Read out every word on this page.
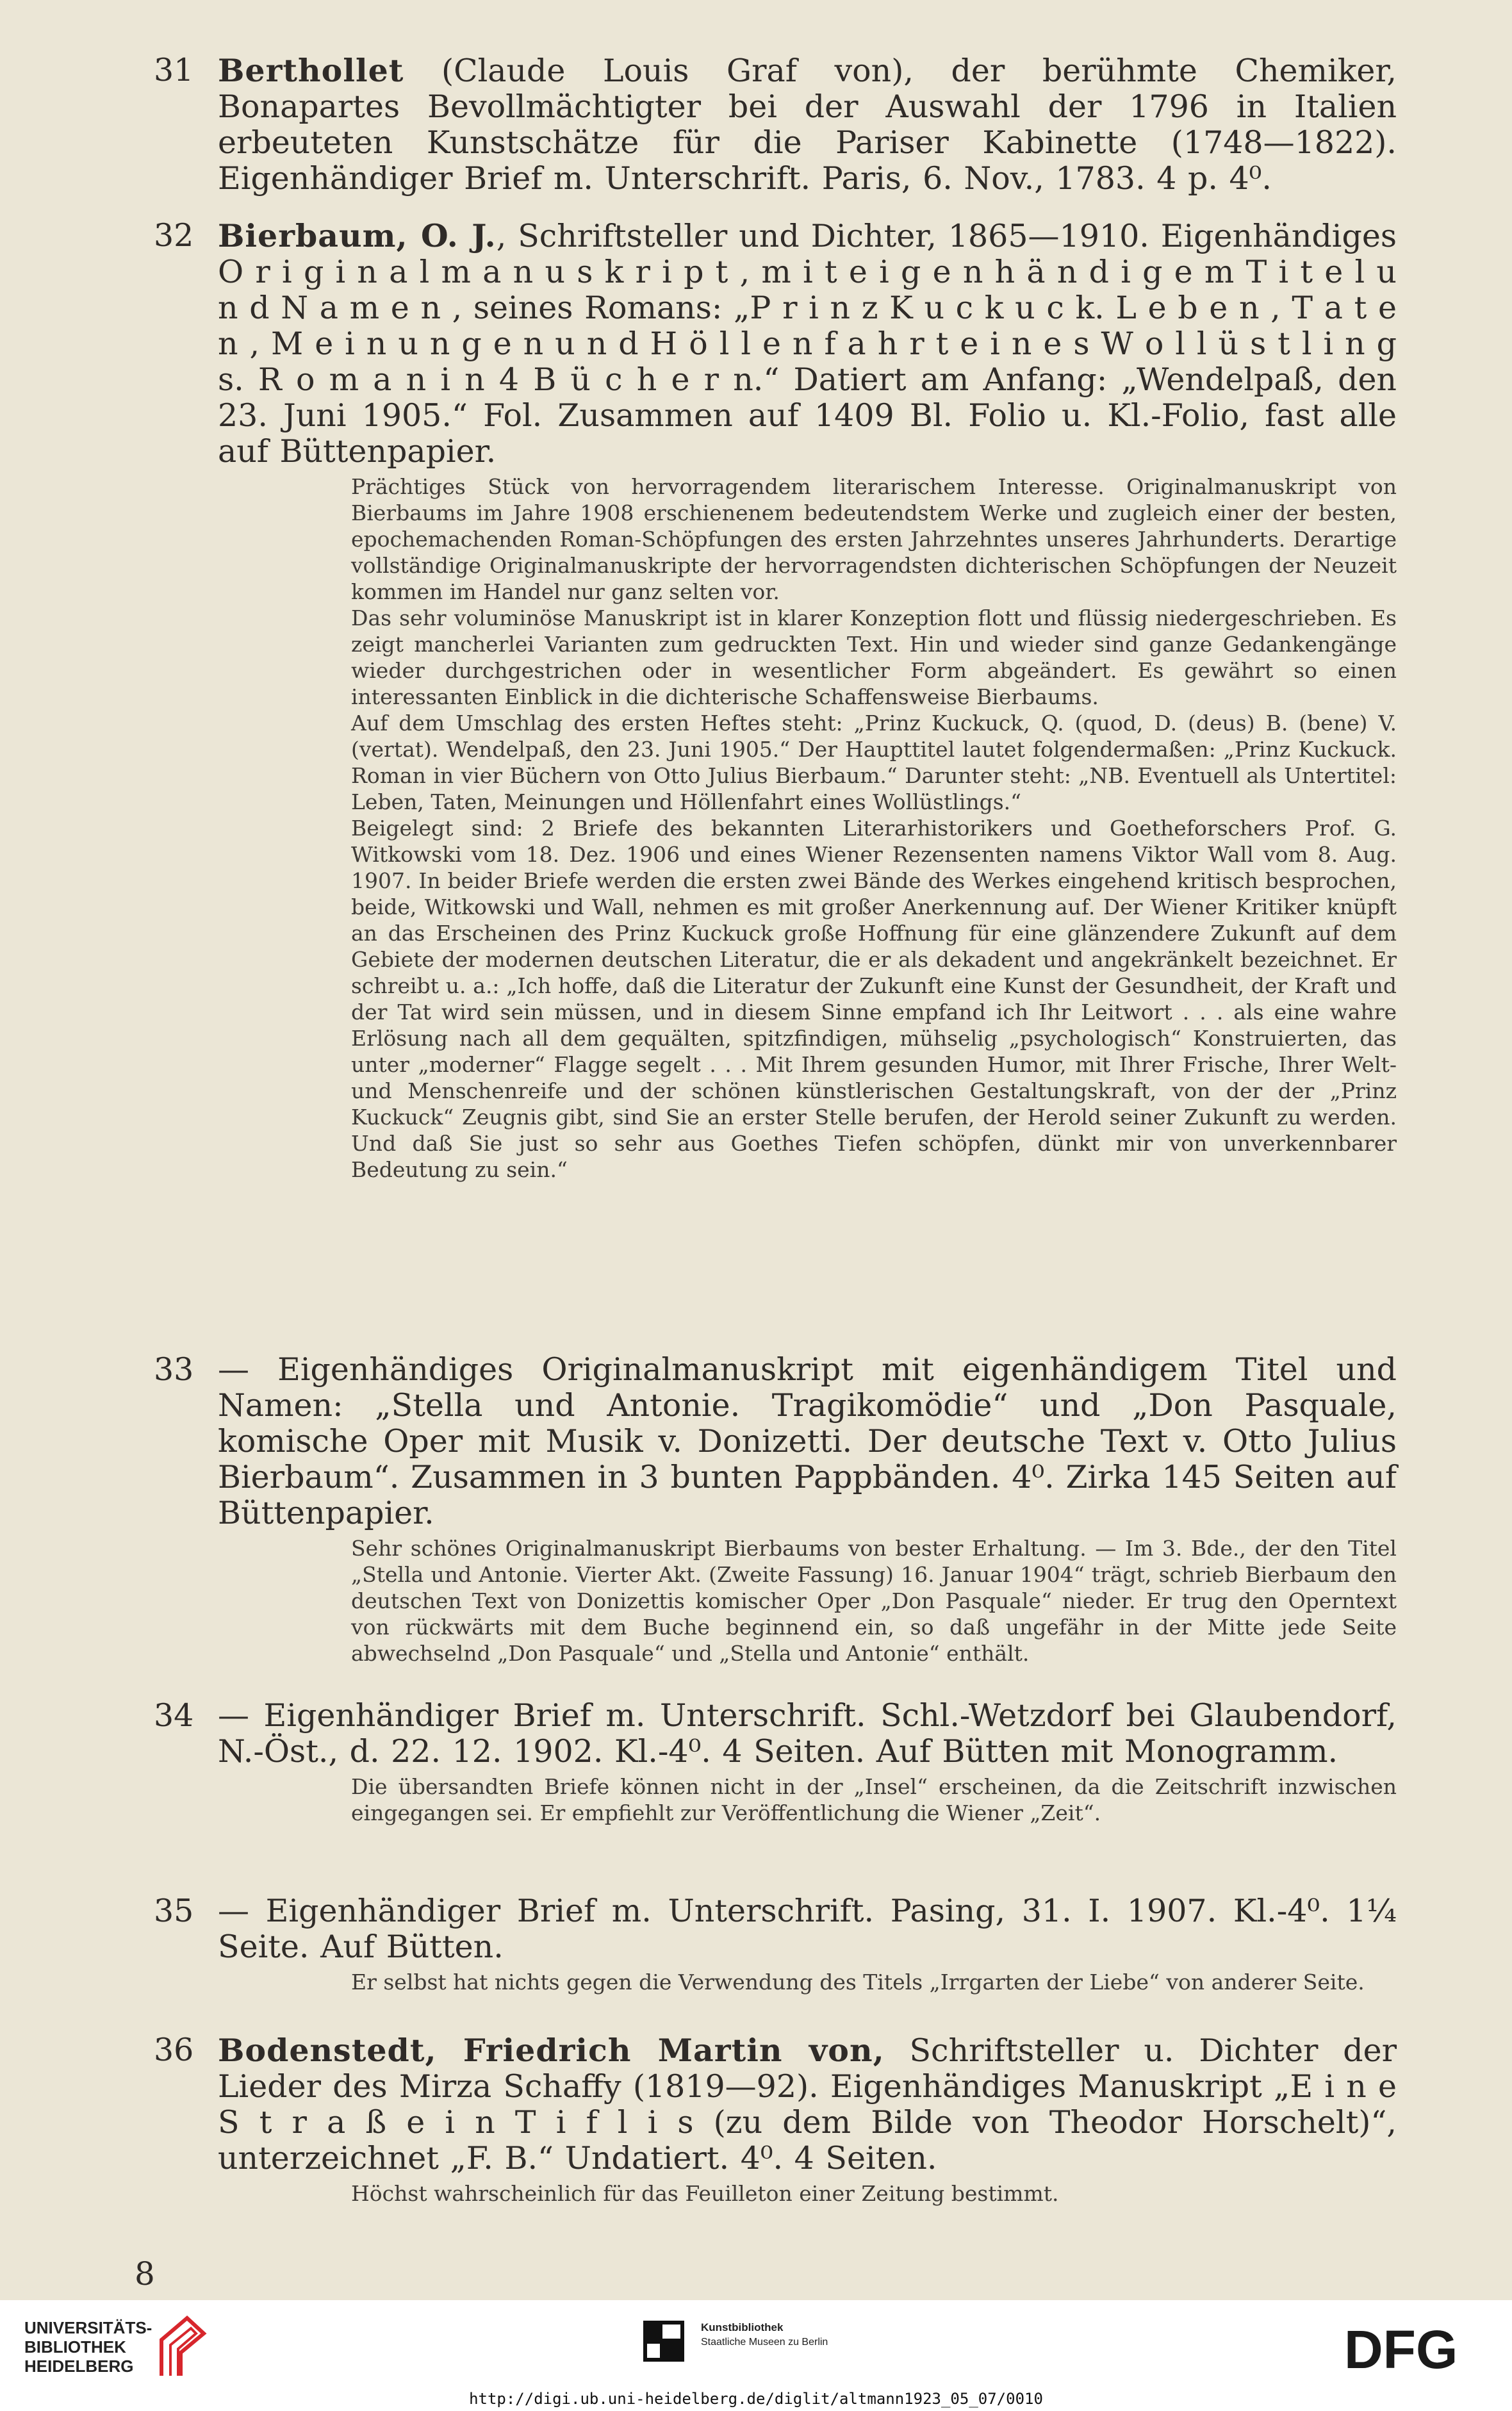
31 Berthollet (Claude Louis Graf von), der berühmte Chemiker, Bonapartes Bevollmächtigter bei der Auswahl der 1796 in Italien erbeuteten Kunstschätze für die Pariser Kabinette (1748—1822). Eigenhändiger Brief m. Unterschrift. Paris, 6. Nov., 1783. 4 p. 4⁰.
32 Bierbaum, O. J., Schriftsteller und Dichter, 1865—1910. Eigenhändiges O r i g i n a l m a n u s k r i p t , m i t e i g e n h ä n d i g e m T i t e l u n d N a m e n , seines Romans: „P r i n z K u c k u c k. L e b e n , T a t e n , M e i n u n g e n u n d H ö l l e n f a h r t e i n e s W o l l ü s t l i n g s. R o m a n i n 4 B ü c h e r n.“ Datiert am Anfang: „Wendelpaß, den 23. Juni 1905.“ Fol. Zusammen auf 1409 Bl. Folio u. Kl.-Folio, fast alle auf Büttenpapier.

Prächtiges Stück von hervorragendem literarischem Interesse. Originalmanuskript von Bierbaums im Jahre 1908 erschienenem bedeutendstem Werke und zugleich einer der besten, epochemachenden Roman-Schöpfungen des ersten Jahrzehntes unseres Jahrhunderts. Derartige vollständige Originalmanuskripte der hervorragendsten dichterischen Schöpfungen der Neuzeit kommen im Handel nur ganz selten vor.

Das sehr voluminöse Manuskript ist in klarer Konzeption flott und flüssig niedergeschrieben. Es zeigt mancherlei Varianten zum gedruckten Text. Hin und wieder sind ganze Gedankengänge wieder durchgestrichen oder in wesentlicher Form abgeändert. Es gewährt so einen interessanten Einblick in die dichterische Schaffensweise Bierbaums.

Auf dem Umschlag des ersten Heftes steht: „Prinz Kuckuck, Q. (quod, D. (deus) B. (bene) V. (vertat). Wendelpaß, den 23. Juni 1905.“ Der Haupttitel lautet folgendermaßen: „Prinz Kuckuck. Roman in vier Büchern von Otto Julius Bierbaum.“ Darunter steht: „NB. Eventuell als Untertitel: Leben, Taten, Meinungen und Höllenfahrt eines Wollüstlings.“

Beigelegt sind: 2 Briefe des bekannten Literarhistorikers und Goetheforschers Prof. G. Witkowski vom 18. Dez. 1906 und eines Wiener Rezensenten namens Viktor Wall vom 8. Aug. 1907. In beider Briefe werden die ersten zwei Bände des Werkes eingehend kritisch besprochen, beide, Witkowski und Wall, nehmen es mit großer Anerkennung auf. Der Wiener Kritiker knüpft an das Erscheinen des Prinz Kuckuck große Hoffnung für eine glänzendere Zukunft auf dem Gebiete der modernen deutschen Literatur, die er als dekadent und angekränkelt bezeichnet. Er schreibt u. a.: „Ich hoffe, daß die Literatur der Zukunft eine Kunst der Gesundheit, der Kraft und der Tat wird sein müssen, und in diesem Sinne empfand ich Ihr Leitwort . . . als eine wahre Erlösung nach all dem gequälten, spitzfindigen, mühselig „psychologisch“ Konstruierten, das unter „moderner“ Flagge segelt . . . Mit Ihrem gesunden Humor, mit Ihrer Frische, Ihrer Welt- und Menschenreife und der schönen künstlerischen Gestaltungskraft, von der der „Prinz Kuckuck“ Zeugnis gibt, sind Sie an erster Stelle berufen, der Herold seiner Zukunft zu werden. Und daß Sie just so sehr aus Goethes Tiefen schöpfen, dünkt mir von unverkennbarer Bedeutung zu sein.“

33 — Eigenhändiges Originalmanuskript mit eigenhändigem Titel und Namen: „Stella und Antonie. Tragikomödie“ und „Don Pasquale, komische Oper mit Musik v. Donizetti. Der deutsche Text v. Otto Julius Bierbaum“. Zusammen in 3 bunten Pappbänden. 4⁰. Zirka 145 Seiten auf Büttenpapier.

Sehr schönes Originalmanuskript Bierbaums von bester Erhaltung. — Im 3. Bde., der den Titel „Stella und Antonie. Vierter Akt. (Zweite Fassung) 16. Januar 1904“ trägt, schrieb Bierbaum den deutschen Text von Donizettis komischer Oper „Don Pasquale“ nieder. Er trug den Operntext von rückwärts mit dem Buche beginnend ein, so daß ungefähr in der Mitte jede Seite abwechselnd „Don Pasquale“ und „Stella und Antonie“ enthält.

34 — Eigenhändiger Brief m. Unterschrift. Schl.-Wetzdorf bei Glaubendorf, N.-Öst., d. 22. 12. 1902. Kl.-4⁰. 4 Seiten. Auf Bütten mit Monogramm.

Die übersandten Briefe können nicht in der „Insel“ erscheinen, da die Zeitschrift inzwischen eingegangen sei. Er empfiehlt zur Veröffentlichung die Wiener „Zeit“.

35 — Eigenhändiger Brief m. Unterschrift. Pasing, 31. I. 1907. Kl.-4⁰. 1¼ Seite. Auf Bütten.

Er selbst hat nichts gegen die Verwendung des Titels „Irrgarten der Liebe“ von anderer Seite.

36 Bodenstedt, Friedrich Martin von, Schriftsteller u. Dichter der Lieder des Mirza Schaffy (1819—92). Eigenhändiges Manuskript „E i n e S t r a ß e i n T i f l i s (zu dem Bilde von Theodor Horschelt)“, unterzeichnet „F. B.“ Undatiert. 4⁰. 4 Seiten.

Höchst wahrscheinlich für das Feuilleton einer Zeitung bestimmt.

8
UNIVERSITÄTS-
BIBLIOTHEK
HEIDELBERG
Kunstbibliothek
Staatliche Museen zu Berlin	DFG
http://digi.ub.uni-heidelberg.de/diglit/altmann1923_05_07/0010
